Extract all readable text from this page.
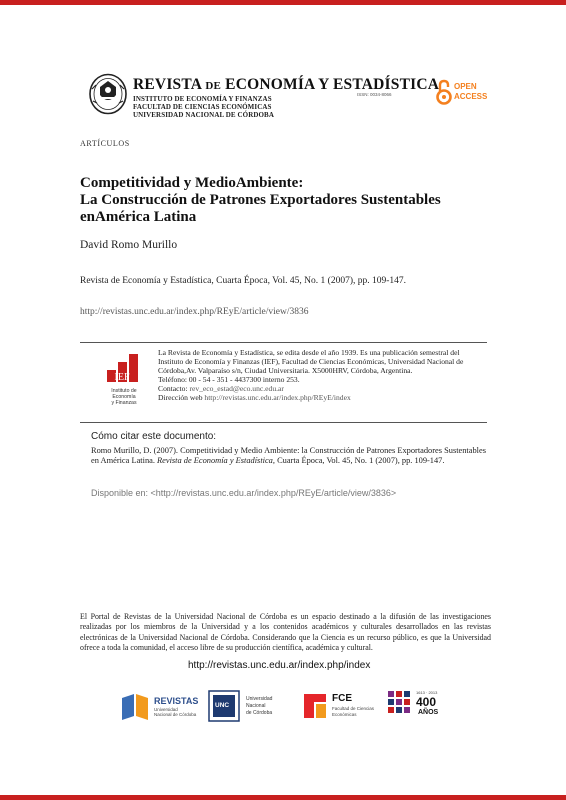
REVISTA DE ECONOMÍA Y ESTADÍSTICA
ISSN: 0034-8066
INSTITUTO DE ECONOMÍA Y FINANZAS
FACULTAD DE CIENCIAS ECONÓMICAS
UNIVERSIDAD NACIONAL DE CÓRDOBA
OPEN
ACCESS
ARTÍCULOS
Competitividad y MedioAmbiente:
La Construcción de Patrones Exportadores Sustentables
enAmérica Latina
David Romo Murillo
Revista de Economía y Estadística, Cuarta Época, Vol. 45, No. 1 (2007), pp. 109-147.
http://revistas.unc.edu.ar/index.php/REyE/article/view/3836
IEF
Instituto de
Economía
y Finanzas
La Revista de Economía y Estadística, se edita desde el año 1939. Es una publicación semestral del
Instituto de Economía y Finanzas (IEF), Facultad de Ciencias Económicas, Universidad Nacional de
Córdoba,Av. Valparaíso s/n, Ciudad Universitaria. X5000HRV, Córdoba, Argentina.
Teléfono: 00 - 54 - 351 - 4437300 interno 253.
Contacto: rev_eco_estad@eco.unc.edu.ar
Dirección web http://revistas.unc.edu.ar/index.php/REyE/index
Cómo citar este documento:
Romo Murillo, D. (2007). Competitividad y Medio Ambiente: la Construcción de Patrones Exportadores Sustentables en América Latina. Revista de Economía y Estadística, Cuarta Época, Vol. 45, No. 1 (2007), pp. 109-147.
Disponible en: <http://revistas.unc.edu.ar/index.php/REyE/article/view/3836>
El Portal de Revistas de la Universidad Nacional de Córdoba es un espacio destinado a la difusión de las investigaciones realizadas por los miembros de la Universidad y a los contenidos académicos y culturales desarrollados en las revistas electrónicas de la Universidad Nacional de Córdoba. Considerando que la Ciencia es un recurso público, es que la Universidad ofrece a toda la comunidad, el acceso libre de su producción científica, académica y cultural.
http://revistas.unc.edu.ar/index.php/index
REVISTAS
Universidad
Nacional de Córdoba
UNC
Universidad
Nacional
de Córdoba
FCE
Facultad de Ciencias
Económicas
1613 · 2013
400
AÑOS
